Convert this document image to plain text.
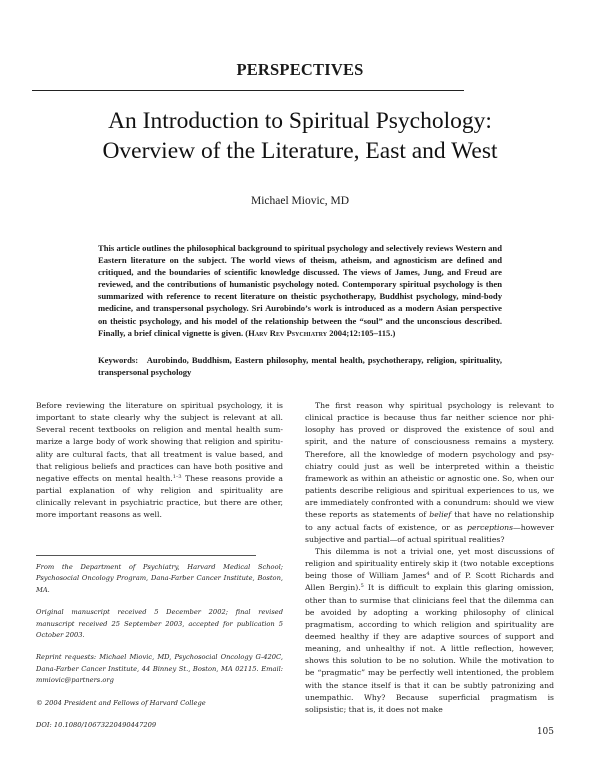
PERSPECTIVES
An Introduction to Spiritual Psychology:
Overview of the Literature, East and West
Michael Miovic, MD
This article outlines the philosophical background to spiritual psychology and selectively reviews Western and Eastern literature on the subject. The world views of theism, atheism, and agnosticism are defined and critiqued, and the boundaries of scientific knowledge discussed. The views of James, Jung, and Freud are reviewed, and the contributions of humanistic psychology noted. Contemporary spiritual psychology is then summarized with reference to recent literature on theistic psychotherapy, Buddhist psychology, mind-body medicine, and transpersonal psychology. Sri Aurobindo’s work is introduced as a modern Asian perspective on theistic psychology, and his model of the relationship between the “soul” and the unconscious described. Finally, a brief clinical vignette is given. (Harv Rev Psychiatry 2004;12:105–115.)
Keywords: Aurobindo, Buddhism, Eastern philosophy, mental health, psychotherapy, religion, spirituality, transpersonal psychology

Before reviewing the literature on spiritual psychology, it is important to state clearly why the subject is relevant at all. Several recent textbooks on religion and mental health summarize a large body of work showing that religion and spirituality are cultural facts, that all treatment is value based, and that religious beliefs and practices can have both positive and negative effects on mental health.$^{1-3}$ These reasons provide a partial explanation of why religion and spirituality are clinically relevant in psychiatric practice, but there are other, more important reasons as well.

From the Department of Psychiatry, Harvard Medical School; Psychosocial Oncology Program, Dana-Farber Cancer Institute, Boston, MA.

Original manuscript received 5 December 2002; final revised manuscript received 25 September 2003, accepted for publication 5 October 2003.

Reprint requests: Michael Miovic, MD, Psychosocial Oncology G-420C, Dana-Farber Cancer Institute, 44 Binney St., Boston, MA 02115. Email: mmiovic@partners.org

© 2004 President and Fellows of Harvard College

DOI: 10.1080/10673220490447209

The first reason why spiritual psychology is relevant to clinical practice is because thus far neither science nor philosophy has proved or disproved the existence of soul and spirit, and the nature of consciousness remains a mystery. Therefore, all the knowledge of modern psychology and psychiatry could just as well be interpreted within a theistic framework as within an atheistic or agnostic one. So, when our patients describe religious and spiritual experiences to us, we are immediately confronted with a conundrum: should we view these reports as statements of belief that have no relationship to any actual facts of existence, or as perceptions—however subjective and partial—of actual spiritual realities?

This dilemma is not a trivial one, yet most discussions of religion and spirituality entirely skip it (two notable exceptions being those of William James$^4$ and of P. Scott Richards and Allen Bergin).$^5$ It is difficult to explain this glaring omission, other than to surmise that clinicians feel that the dilemma can be avoided by adopting a working philosophy of clinical pragmatism, according to which religion and spirituality are deemed healthy if they are adaptive sources of support and meaning, and unhealthy if not. A little reflection, however, shows this solution to be no solution. While the motivation to be “pragmatic” may be perfectly well intentioned, the problem with the stance itself is that it can be subtly patronizing and unempathic. Why? Because superficial pragmatism is solipsistic; that is, it does not make

105
